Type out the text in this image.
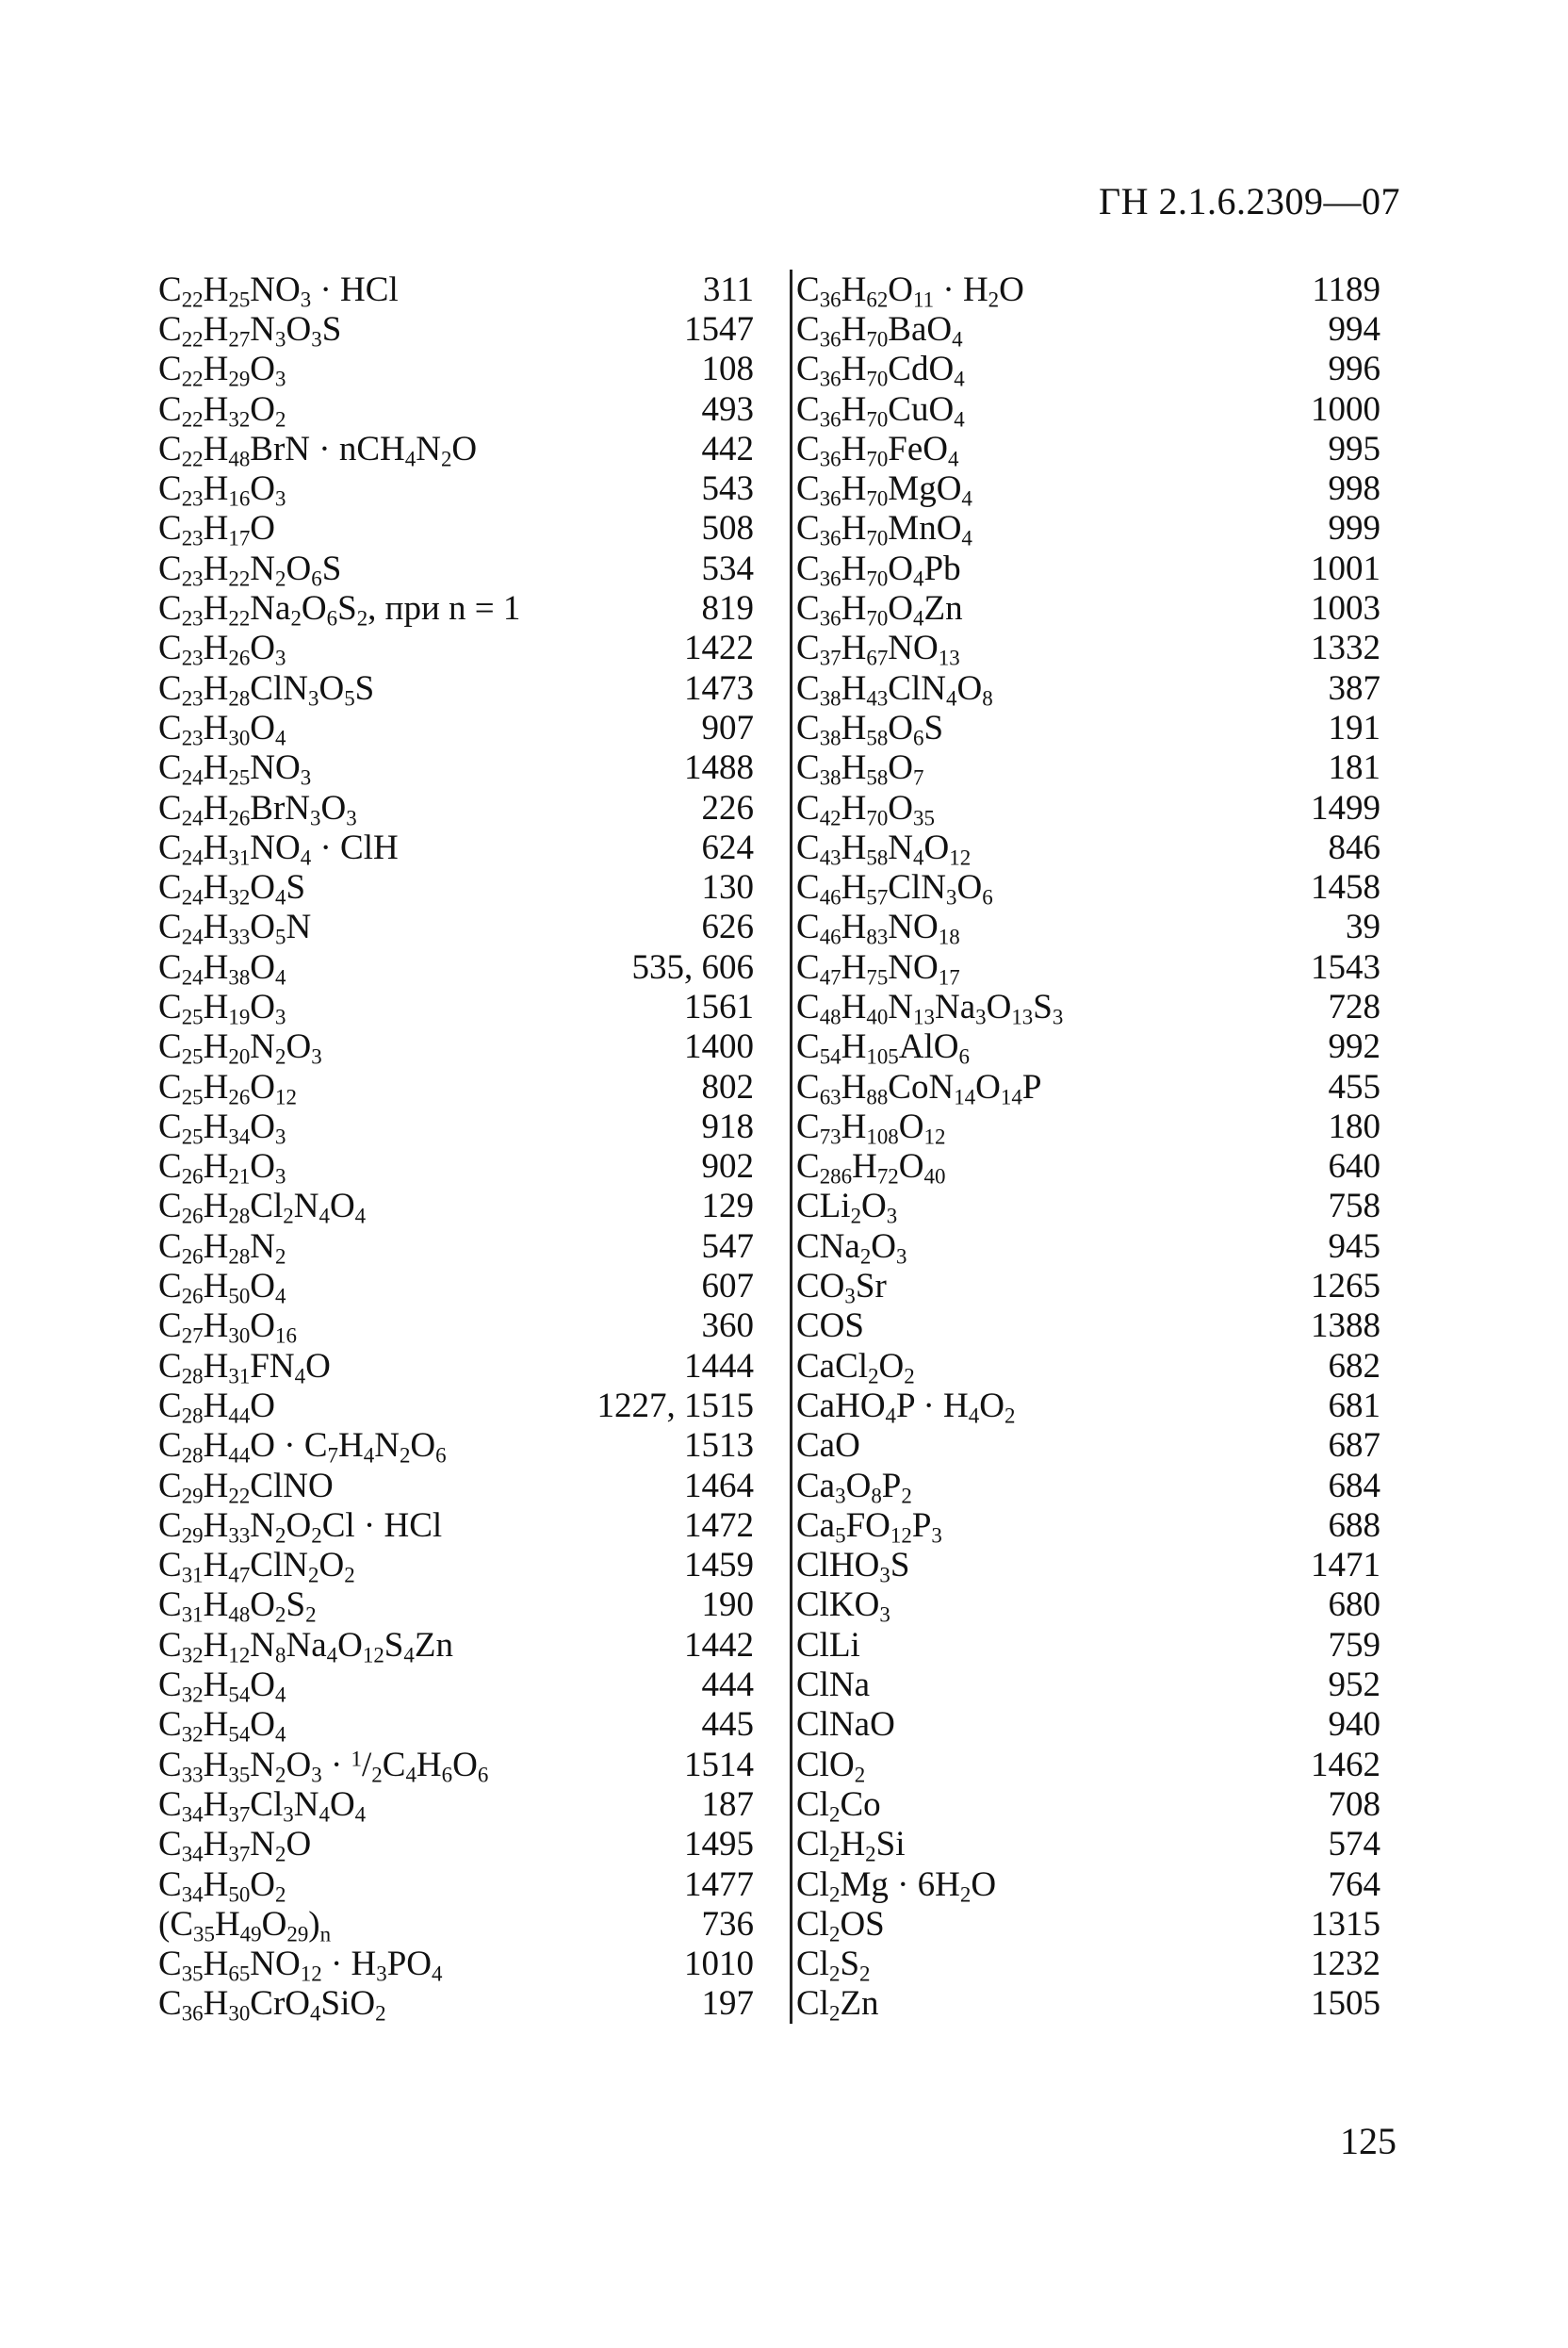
ГН 2.1.6.2309—07
$C_{22}H_{25}NO_3$ · HCl	311
$C_{22}H_{27}N_3O_3S$	1547
$C_{22}H_{29}O_3$	108
$C_{22}H_{32}O_2$	493
$C_{22}H_{48}BrN \cdot nCH_4N_2O$	442
$C_{23}H_{16}O_3$	543
$C_{23}H_{17}O$	508
$C_{23}H_{22}N_2O_6S$	534
$C_{23}H_{22}Na_2O_6S_2$, при n = 1	819
$C_{23}H_{26}O_3$	1422
$C_{23}H_{28}ClN_3O_5S$	1473
$C_{23}H_{30}O_4$	907
$C_{24}H_{25}NO_3$	1488
$C_{24}H_{26}BrN_3O_3$	226
$C_{24}H_{31}NO_4$ · ClH	624
$C_{24}H_{32}O_4S$	130
$C_{24}H_{33}O_5N$	626
$C_{24}H_{38}O_4$	535, 606
$C_{25}H_{19}O_3$	1561
$C_{25}H_{20}N_2O_3$	1400
$C_{25}H_{26}O_{12}$	802
$C_{25}H_{34}O_3$	918
$C_{26}H_{21}O_3$	902
$C_{26}H_{28}Cl_2N_4O_4$	129
$C_{26}H_{28}N_2$	547
$C_{26}H_{50}O_4$	607
$C_{27}H_{30}O_{16}$	360
$C_{28}H_{31}FN_4O$	1444
$C_{28}H_{44}O$	1227, 1515
$C_{28}H_{44}O \cdot C_7H_4N_2O_6$	1513
$C_{29}H_{22}ClNO$	1464
$C_{29}H_{33}N_2O_2Cl$ · HCl	1472
$C_{31}H_{47}ClN_2O_2$	1459
$C_{31}H_{48}O_2S_2$	190
$C_{32}H_{12}N_8Na_4O_{12}S_4Zn$	1442
$C_{32}H_{54}O_4$	444
$C_{32}H_{54}O_4$	445
$C_{33}H_{35}N_2O_3 \cdot ^1/_2C_4H_6O_6$	1514
$C_{34}H_{37}Cl_3N_4O_4$	187
$C_{34}H_{37}N_2O$	1495
$C_{34}H_{50}O_2$	1477
$(C_{35}H_{49}O_{29})_n$	736
$C_{35}H_{65}NO_{12} \cdot H_3PO_4$	1010
$C_{36}H_{30}CrO_4SiO_2$	197
$C_{36}H_{62}O_{11} \cdot H_2O$	1189
$C_{36}H_{70}BaO_4$	994
$C_{36}H_{70}CdO_4$	996
$C_{36}H_{70}CuO_4$	1000
$C_{36}H_{70}FeO_4$	995
$C_{36}H_{70}MgO_4$	998
$C_{36}H_{70}MnO_4$	999
$C_{36}H_{70}O_4Pb$	1001
$C_{36}H_{70}O_4Zn$	1003
$C_{37}H_{67}NO_{13}$	1332
$C_{38}H_{43}ClN_4O_8$	387
$C_{38}H_{58}O_6S$	191
$C_{38}H_{58}O_7$	181
$C_{42}H_{70}O_{35}$	1499
$C_{43}H_{58}N_4O_{12}$	846
$C_{46}H_{57}ClN_3O_6$	1458
$C_{46}H_{83}NO_{18}$	39
$C_{47}H_{75}NO_{17}$	1543
$C_{48}H_{40}N_{13}Na_3O_{13}S_3$	728
$C_{54}H_{105}AlO_6$	992
$C_{63}H_{88}CoN_{14}O_{14}P$	455
$C_{73}H_{108}O_{12}$	180
$C_{286}H_{72}O_{40}$	640
$CLi_2O_3$	758
$CNa_2O_3$	945
$CO_3Sr$	1265
COS	1388
$CaCl_2O_2$	682
CaHO$_4$P · $H_4O_2$	681
CaO	687
$Ca_3O_8P_2$	684
$Ca_5FO_{12}P_3$	688
ClHO$_3$S	1471
ClKO$_3$	680
ClLi	759
ClNa	952
ClNaO	940
ClO$_2$	1462
$Cl_2Co$	708
$Cl_2H_2Si$	574
$Cl_2Mg \cdot 6H_2O$	764
$Cl_2OS$	1315
$Cl_2S_2$	1232
$Cl_2Zn$	1505
125
